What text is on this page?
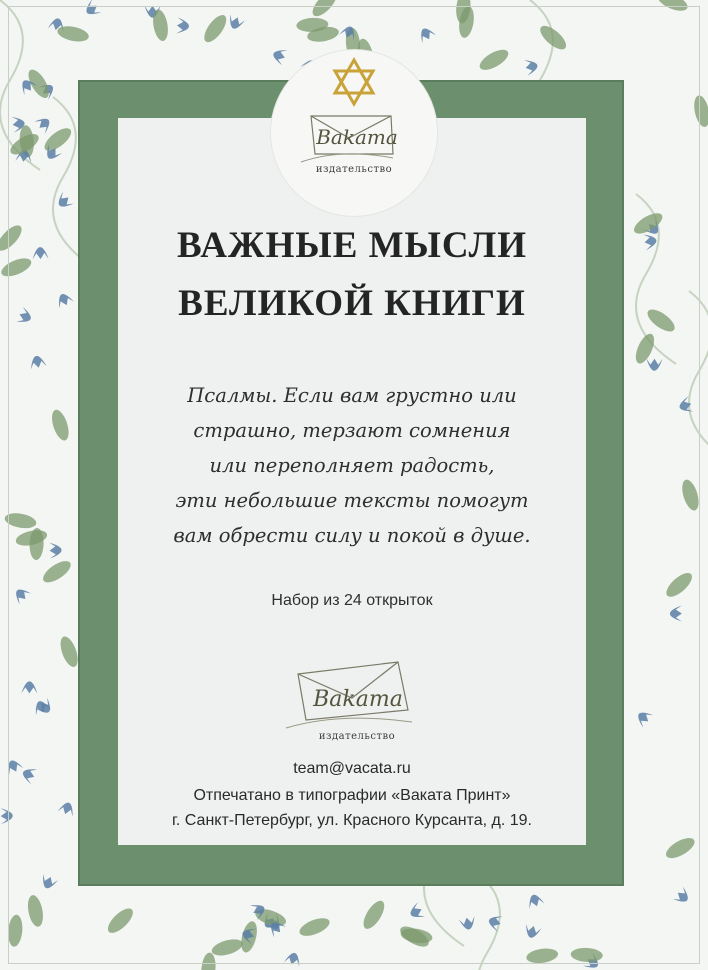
Bakama
издательство
ВАЖНЫЕ МЫСЛИ
ВЕЛИКОЙ КНИГИ
Псалмы. Если вам грустно или
страшно, терзают сомнения
или переполняет радость,
эти небольшие тексты помогут
вам обрести силу и покой в душе.
Набор из 24 открыток
Bakama
издательство
team@vacata.ru
Отпечатано в типографии «Ваката Принт»
г. Санкт-Петербург, ул. Красного Курсанта, д. 19.
